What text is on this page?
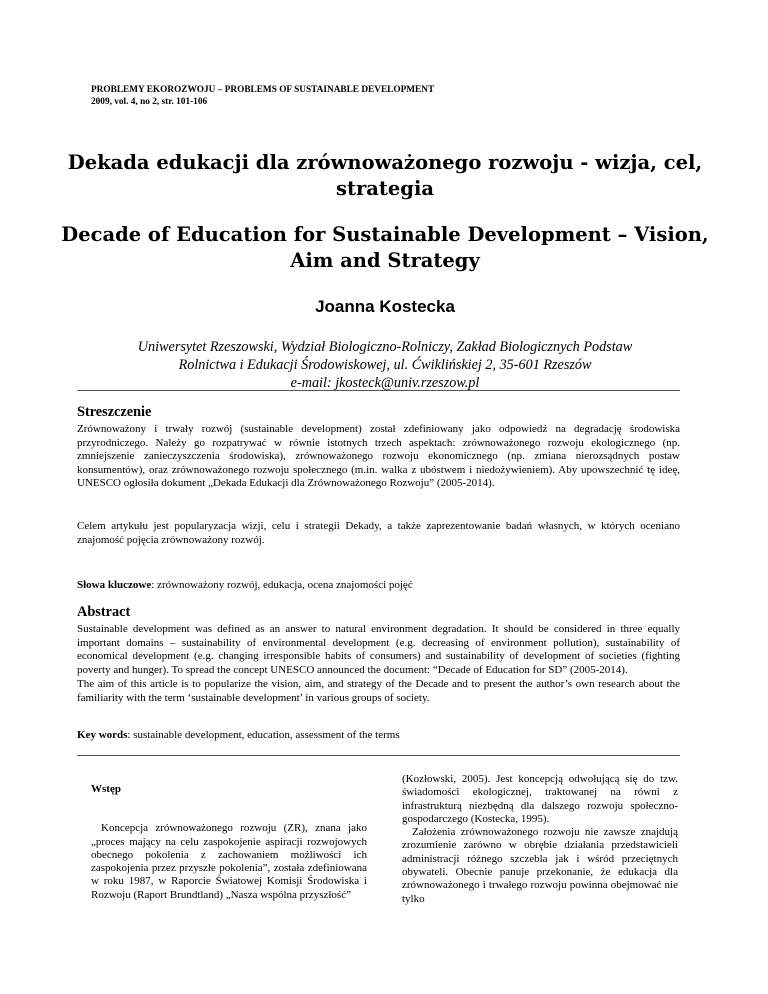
PROBLEMY EKOROZWOJU – PROBLEMS OF SUSTAINABLE DEVELOPMENT
2009, vol. 4, no 2, str. 101-106
Dekada edukacji dla zrównoważonego rozwoju - wizja, cel, strategia
Decade of Education for Sustainable Development – Vision, Aim and Strategy
Joanna Kostecka
Uniwersytet Rzeszowski, Wydział Biologiczno-Rolniczy, Zakład Biologicznych Podstaw
Rolnictwa i Edukacji Środowiskowej, ul. Ćwiklińskiej 2, 35-601 Rzeszów
e-mail: jkosteck@univ.rzeszow.pl
Streszczenie
Zrównoważony i trwały rozwój (sustainable development) został zdefiniowany jako odpowiedź na degradację środowiska przyrodniczego. Należy go rozpatrywać w równie istotnych trzech aspektach: zrównoważonego rozwoju ekologicznego (np. zmniejszenie zanieczyszczenia środowiska), zrównoważonego rozwoju ekonomicznego (np. zmiana nierozsądnych postaw konsumentów), oraz zrównoważonego rozwoju społecznego (m.in. walka z ubóstwem i niedożywieniem). Aby upowszechnić tę ideę, UNESCO ogłosiła dokument „Dekada Edukacji dla Zrównoważonego Rozwoju” (2005-2014).
Celem artykułu jest popularyzacja wizji, celu i strategii Dekady, a także zaprezentowanie badań własnych, w których oceniano znajomość pojęcia zrównoważony rozwój.
Słowa kluczowe: zrównoważony rozwój, edukacja, ocena znajomości pojęć
Abstract
Sustainable development was defined as an answer to natural environment degradation. It should be considered in three equally important domains – sustainability of environmental development (e.g. decreasing of environment pollution), sustainability of economical development (e.g. changing irresponsible habits of consumers) and sustainability of development of societies (fighting poverty and hunger). To spread the concept UNESCO announced the document: “Decade of Education for SD” (2005-2014).
The aim of this article is to popularize the vision, aim, and strategy of the Decade and to present the author’s own research about the familiarity with the term ‘sustainable development’ in various groups of society.
Key words: sustainable development, education, assessment of the terms
Wstęp

Koncepcja zrównoważonego rozwoju (ZR), znana jako „proces mający na celu zaspokojenie aspiracji rozwojowych obecnego pokolenia z zachowaniem możliwości ich zaspokojenia przez przyszłe pokolenia”, została zdefiniowana w roku 1987, w Raporcie Światowej Komisji Środowiska i Rozwoju (Raport Brundtland) „Nasza wspólna przyszłość”

(Kozłowski, 2005). Jest koncepcją odwołującą się do tzw. świadomości ekologicznej, traktowanej na równi z infrastrukturą niezbędną dla dalszego rozwoju społeczno-gospodarczego (Kostecka, 1995).

Założenia zrównoważonego rozwoju nie zawsze znajdują zrozumienie zarówno w obrębie działania przedstawicieli administracji różnego szczebla jak i wśród przeciętnych obywateli. Obecnie panuje przekonanie, że edukacja dla zrównoważonego i trwałego rozwoju powinna obejmować nie tylko
